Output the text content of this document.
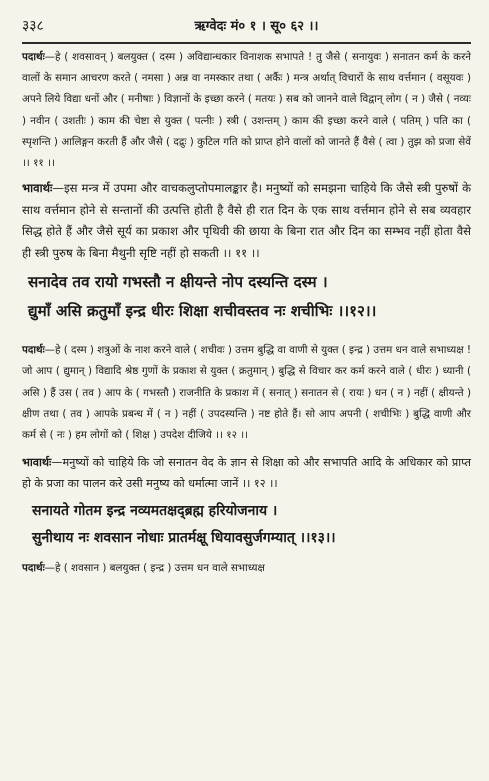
३३८	ऋग्वेदः मं० १ । सू० ६२ ।।

पदार्थः—हे ( शवसावन् ) बलयुक्त ( दस्म ) अविद्यान्धकार विनाशक सभापते ! तु जैसे ( सनायुवः ) सनातन कर्म के करने वालों के समान आचरण करते ( नमसा ) अन्न वा नमस्कार तथा ( अर्कैः ) मन्त्र अर्थात् विचारों के साथ वर्त्तमान ( वसूयवः ) अपने लिये विद्या धनों और ( मनीषाः ) विज्ञानों के इच्छा करने ( मतयः ) सब को जानने वाले विद्वान् लोग ( न ) जैसे ( नव्यः ) नवीन ( उशतीः ) काम की चेष्टा से युक्त ( पत्नीः ) स्त्री ( उशन्तम् ) काम की इच्छा करने वाले ( पतिम् ) पति का ( स्पृशन्ति ) आलिङ्गन करती हैं और जैसे ( दद्रुः ) कुटिल गति को प्राप्त होने वालों को जानते हैं वैसे ( त्वा ) तुझ को प्रजा सेवें ।। ११ ।।

भावार्थः—इस मन्त्र में उपमा और वाचकलुप्तोपमालङ्कार है। मनुष्यों को समझना चाहिये कि जैसे स्त्री पुरुषों के साथ वर्त्तमान होने से सन्तानों की उत्पत्ति होती है वैसे ही रात दिन के एक साथ वर्त्तमान होने से सब व्यवहार सिद्ध होते हैं और जैसे सूर्य का प्रकाश और पृथिवी की छाया के बिना रात और दिन का सम्भव नहीं होता वैसे ही स्त्री पुरुष के बिना मैथुनी सृष्टि नहीं हो सकती ।। ११ ।।

सनादेव तव रायो गभस्तौ न क्षीयन्ते नोप दस्यन्ति दस्म ।

द्युमाँ असि क्रतुमाँ इन्द्र धीरः शिक्षा शचीवस्तव नः शचीभिः ।।१२।।

पदार्थः—हे ( दस्म ) शत्रुओं के नाश करने वाले ( शचीवः ) उत्तम बुद्धि वा वाणी से युक्त ( इन्द्र ) उत्तम धन वाले सभाध्यक्ष ! जो आप ( द्युमान् ) विद्यादि श्रेष्ठ गुणों के प्रकाश से युक्त ( क्रतुमान् ) बुद्धि से विचार कर कर्म करने वाले ( धीरः ) ध्यानी ( असि ) हैं उस ( तव ) आप के ( गभस्तौ ) राजनीति के प्रकाश में ( सनात् ) सनातन से ( रायः ) धन ( न ) नहीं ( क्षीयन्ते ) क्षीण तथा ( तव ) आपके प्रबन्ध में ( न ) नहीं ( उपदस्यन्ति ) नष्ट होते हैं। सो आप अपनी ( शचीभिः ) बुद्धि वाणी और कर्म से ( नः ) हम लोगों को ( शिक्ष ) उपदेश दीजिये ।। १२ ।।

भावार्थः—मनुष्यों को चाहिये कि जो सनातन वेद के ज्ञान से शिक्षा को और सभापति आदि के अधिकार को प्राप्त हो के प्रजा का पालन करे उसी मनुष्य को धर्मात्मा जानें ।। १२ ।।

सनायते गोतम इन्द्र नव्यमतक्षद्ब्रह्म हरियोजनाय ।

सुनीथाय नः शवसान नोधाः प्रातर्मक्षू धियावसुर्जगम्यात् ।।१३।।

पदार्थः—हे ( शवसान ) बलयुक्त ( इन्द्र ) उत्तम धन वाले सभाध्यक्ष
